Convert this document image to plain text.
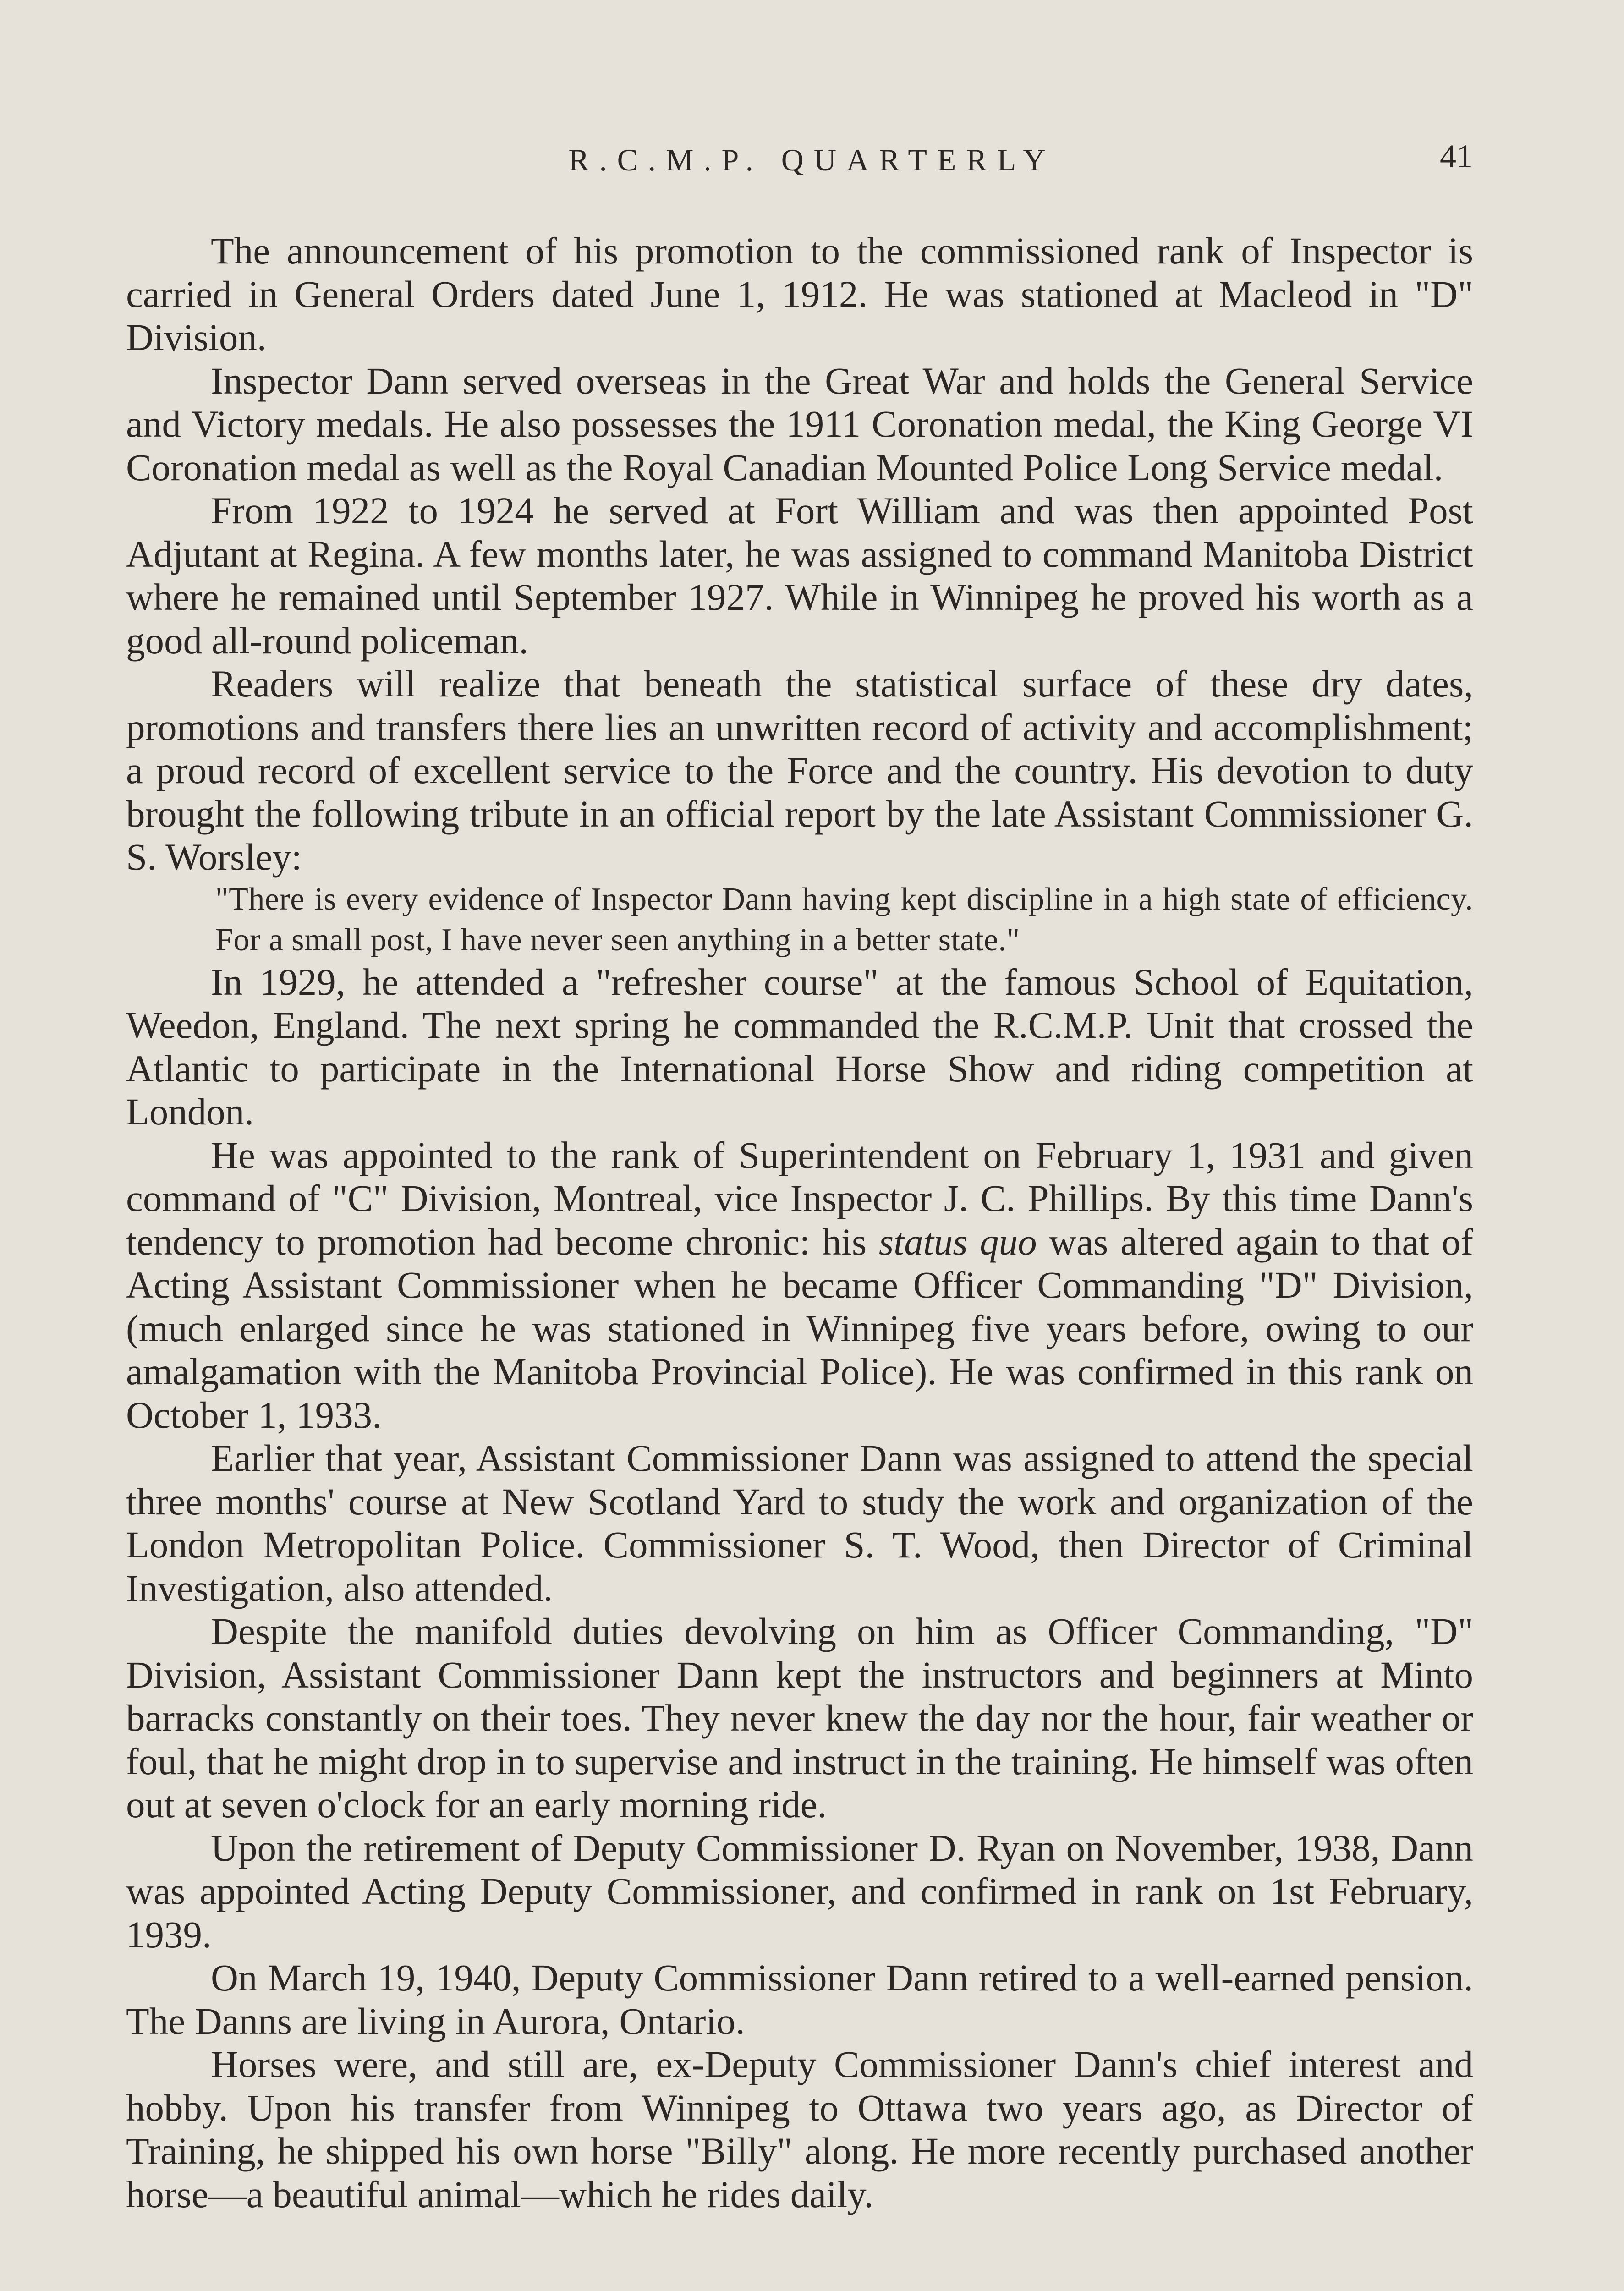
R.C.M.P. QUARTERLY	41

The announcement of his promotion to the commissioned rank of Inspector is carried in General Orders dated June 1, 1912. He was stationed at Macleod in "D" Division.

Inspector Dann served overseas in the Great War and holds the General Service and Victory medals. He also possesses the 1911 Coronation medal, the King George VI Coronation medal as well as the Royal Canadian Mounted Police Long Service medal.

From 1922 to 1924 he served at Fort William and was then appointed Post Adjutant at Regina. A few months later, he was assigned to command Manitoba District where he remained until September 1927. While in Winnipeg he proved his worth as a good all-round policeman.

Readers will realize that beneath the statistical surface of these dry dates, promotions and transfers there lies an unwritten record of activity and accomplishment; a proud record of excellent service to the Force and the country. His devotion to duty brought the following tribute in an official report by the late Assistant Commissioner G. S. Worsley:

"There is every evidence of Inspector Dann having kept discipline in a high state of efficiency. For a small post, I have never seen anything in a better state."

In 1929, he attended a "refresher course" at the famous School of Equitation, Weedon, England. The next spring he commanded the R.C.M.P. Unit that crossed the Atlantic to participate in the International Horse Show and riding competition at London.

He was appointed to the rank of Superintendent on February 1, 1931 and given command of "C" Division, Montreal, vice Inspector J. C. Phillips. By this time Dann's tendency to promotion had become chronic: his status quo was altered again to that of Acting Assistant Commissioner when he became Officer Commanding "D" Division, (much enlarged since he was stationed in Winnipeg five years before, owing to our amalgamation with the Manitoba Provincial Police). He was confirmed in this rank on October 1, 1933.

Earlier that year, Assistant Commissioner Dann was assigned to attend the special three months' course at New Scotland Yard to study the work and organization of the London Metropolitan Police. Commissioner S. T. Wood, then Director of Criminal Investigation, also attended.

Despite the manifold duties devolving on him as Officer Commanding, "D" Division, Assistant Commissioner Dann kept the instructors and beginners at Minto barracks constantly on their toes. They never knew the day nor the hour, fair weather or foul, that he might drop in to supervise and instruct in the training. He himself was often out at seven o'clock for an early morning ride.

Upon the retirement of Deputy Commissioner D. Ryan on November, 1938, Dann was appointed Acting Deputy Commissioner, and confirmed in rank on 1st February, 1939.

On March 19, 1940, Deputy Commissioner Dann retired to a well-earned pension. The Danns are living in Aurora, Ontario.

Horses were, and still are, ex-Deputy Commissioner Dann's chief interest and hobby. Upon his transfer from Winnipeg to Ottawa two years ago, as Director of Training, he shipped his own horse "Billy" along. He more recently purchased another horse—a beautiful animal—which he rides daily.
